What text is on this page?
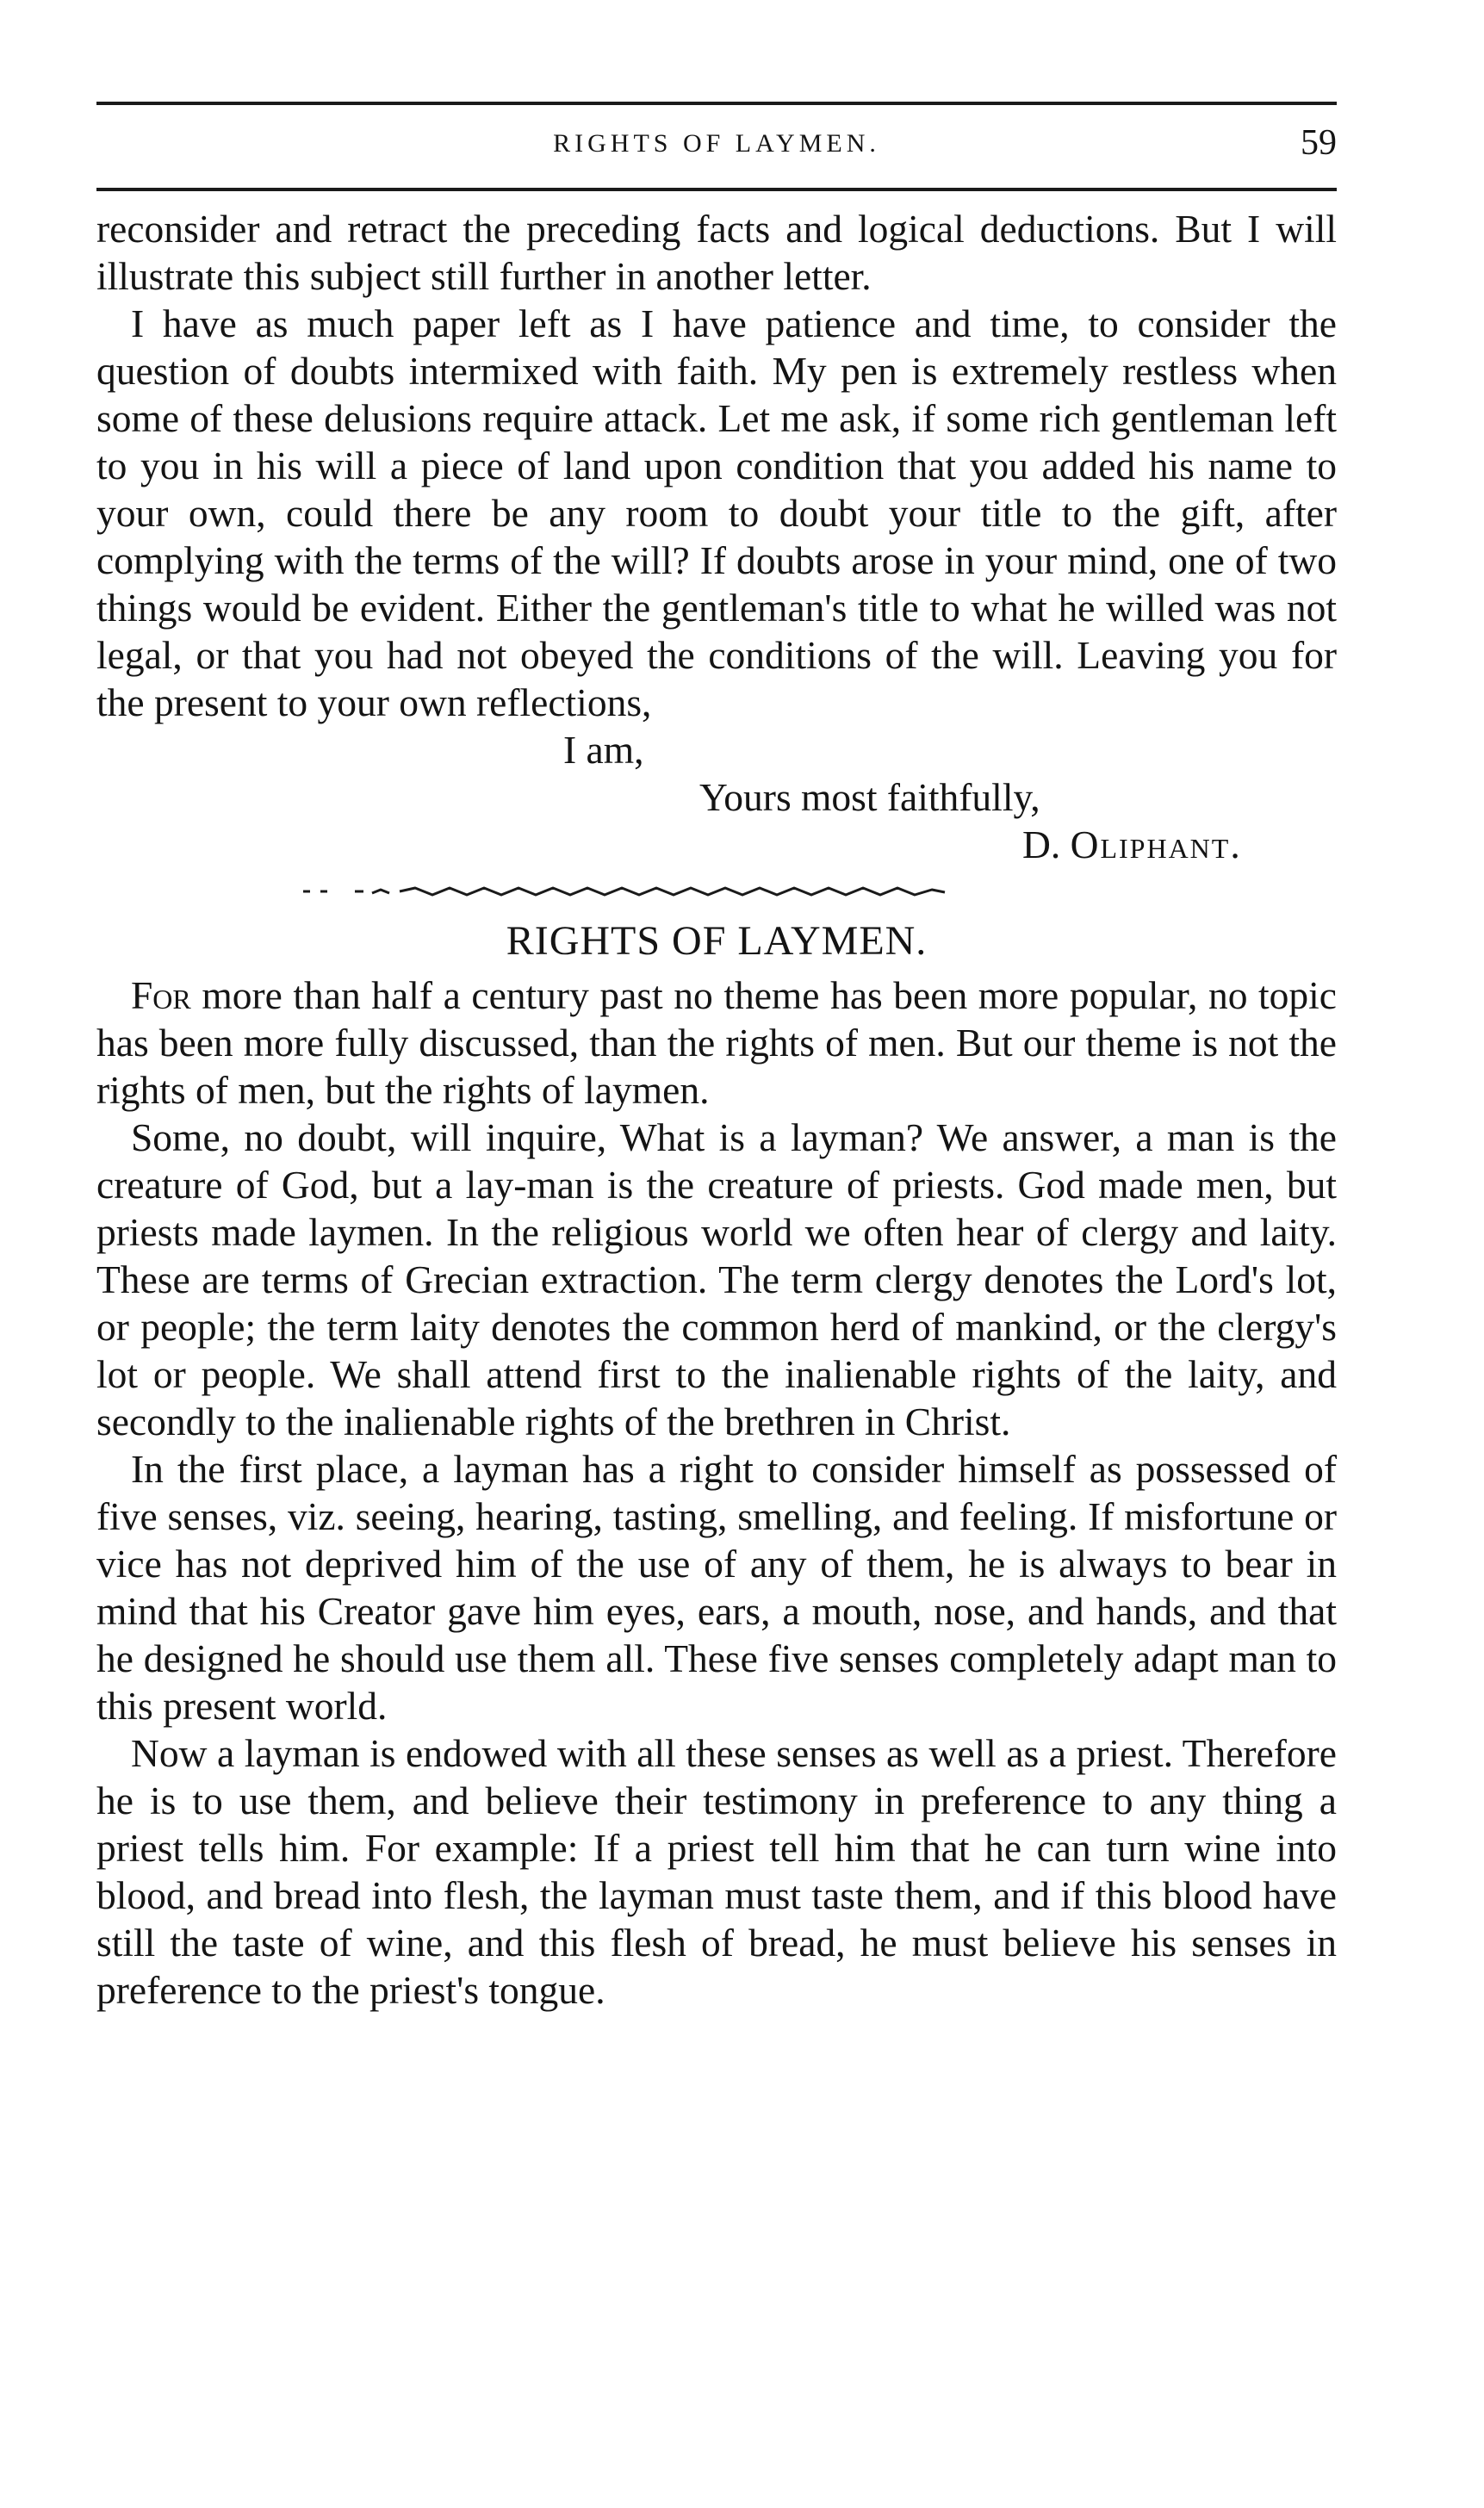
RIGHTS OF LAYMEN.	59

reconsider and retract the preceding facts and logical deductions. But I will illustrate this subject still further in another letter.

I have as much paper left as I have patience and time, to consider the question of doubts intermixed with faith. My pen is extremely restless when some of these delusions require attack. Let me ask, if some rich gentleman left to you in his will a piece of land upon condition that you added his name to your own, could there be any room to doubt your title to the gift, after complying with the terms of the will? If doubts arose in your mind, one of two things would be evident. Either the gentleman's title to what he willed was not legal, or that you had not obeyed the conditions of the will. Leaving you for the present to your own reflections,

I am,

Yours most faithfully,

D. Oliphant.

RIGHTS OF LAYMEN.

For more than half a century past no theme has been more popular, no topic has been more fully discussed, than the rights of men. But our theme is not the rights of men, but the rights of laymen.

Some, no doubt, will inquire, What is a layman? We answer, a man is the creature of God, but a lay-man is the creature of priests. God made men, but priests made laymen. In the religious world we often hear of clergy and laity. These are terms of Grecian extraction. The term clergy denotes the Lord's lot, or people; the term laity denotes the common herd of mankind, or the clergy's lot or people. We shall attend first to the inalienable rights of the laity, and secondly to the inalienable rights of the brethren in Christ.

In the first place, a layman has a right to consider himself as possessed of five senses, viz. seeing, hearing, tasting, smelling, and feeling. If misfortune or vice has not deprived him of the use of any of them, he is always to bear in mind that his Creator gave him eyes, ears, a mouth, nose, and hands, and that he designed he should use them all. These five senses completely adapt man to this present world.

Now a layman is endowed with all these senses as well as a priest. Therefore he is to use them, and believe their testimony in preference to any thing a priest tells him. For example: If a priest tell him that he can turn wine into blood, and bread into flesh, the layman must taste them, and if this blood have still the taste of wine, and this flesh of bread, he must believe his senses in preference to the priest's tongue.
